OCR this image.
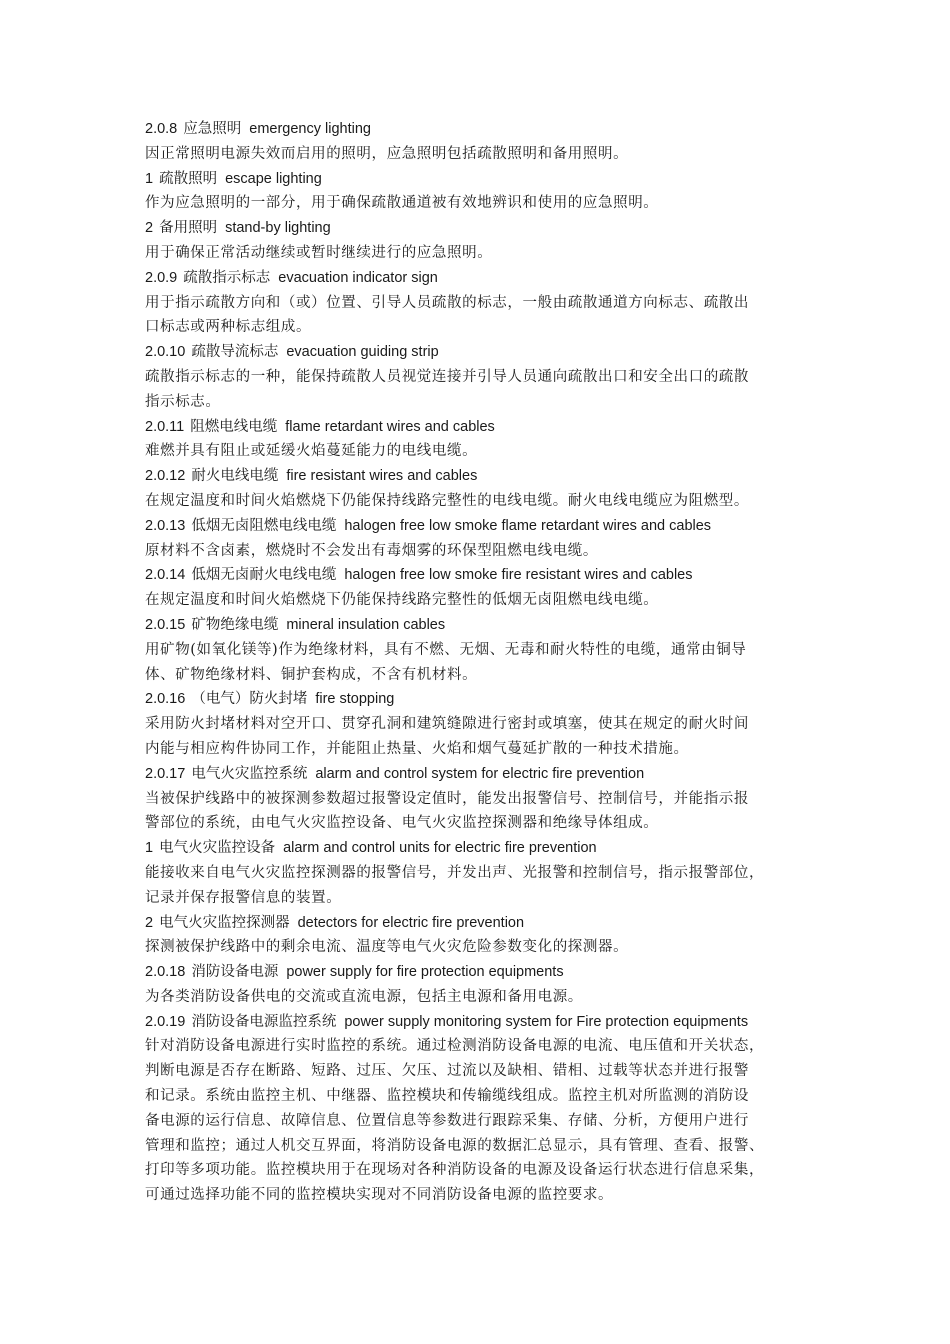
2.0.8 应急照明 emergency lighting
因正常照明电源失效而启用的照明，应急照明包括疏散照明和备用照明。
1 疏散照明 escape lighting
作为应急照明的一部分，用于确保疏散通道被有效地辨识和使用的应急照明。
2 备用照明 stand-by lighting
用于确保正常活动继续或暂时继续进行的应急照明。
2.0.9 疏散指示标志 evacuation indicator sign
用于指示疏散方向和（或）位置、引导人员疏散的标志，一般由疏散通道方向标志、疏散出
口标志或两种标志组成。
2.0.10 疏散导流标志 evacuation guiding strip
疏散指示标志的一种，能保持疏散人员视觉连接并引导人员通向疏散出口和安全出口的疏散
指示标志。
2.0.11 阻燃电线电缆 flame retardant wires and cables
难燃并具有阻止或延缓火焰蔓延能力的电线电缆。
2.0.12 耐火电线电缆 fire resistant wires and cables
在规定温度和时间火焰燃烧下仍能保持线路完整性的电线电缆。耐火电线电缆应为阻燃型。
2.0.13 低烟无卤阻燃电线电缆 halogen free low smoke flame retardant wires and cables
原材料不含卤素，燃烧时不会发出有毒烟雾的环保型阻燃电线电缆。
2.0.14 低烟无卤耐火电线电缆 halogen free low smoke fire resistant wires and cables
在规定温度和时间火焰燃烧下仍能保持线路完整性的低烟无卤阻燃电线电缆。
2.0.15 矿物绝缘电缆 mineral insulation cables
用矿物(如氧化镁等)作为绝缘材料，具有不燃、无烟、无毒和耐火特性的电缆，通常由铜导
体、矿物绝缘材料、铜护套构成，不含有机材料。
2.0.16 （电气）防火封堵 fire stopping
采用防火封堵材料对空开口、贯穿孔洞和建筑缝隙进行密封或填塞，使其在规定的耐火时间
内能与相应构件协同工作，并能阻止热量、火焰和烟气蔓延扩散的一种技术措施。
2.0.17 电气火灾监控系统 alarm and control system for electric fire prevention
当被保护线路中的被探测参数超过报警设定值时，能发出报警信号、控制信号，并能指示报
警部位的系统，由电气火灾监控设备、电气火灾监控探测器和绝缘导体组成。
1 电气火灾监控设备 alarm and control units for electric fire prevention
能接收来自电气火灾监控探测器的报警信号，并发出声、光报警和控制信号，指示报警部位，
记录并保存报警信息的装置。
2 电气火灾监控探测器 detectors for electric fire prevention
探测被保护线路中的剩余电流、温度等电气火灾危险参数变化的探测器。
2.0.18 消防设备电源 power supply for fire protection equipments
为各类消防设备供电的交流或直流电源，包括主电源和备用电源。
2.0.19 消防设备电源监控系统 power supply monitoring system for Fire protection equipments
针对消防设备电源进行实时监控的系统。通过检测消防设备电源的电流、电压值和开关状态，
判断电源是否存在断路、短路、过压、欠压、过流以及缺相、错相、过载等状态并进行报警
和记录。系统由监控主机、中继器、监控模块和传输缆线组成。监控主机对所监测的消防设
备电源的运行信息、故障信息、位置信息等参数进行跟踪采集、存储、分析，方便用户进行
管理和监控；通过人机交互界面，将消防设备电源的数据汇总显示，具有管理、查看、报警、
打印等多项功能。监控模块用于在现场对各种消防设备的电源及设备运行状态进行信息采集，
可通过选择功能不同的监控模块实现对不同消防设备电源的监控要求。
